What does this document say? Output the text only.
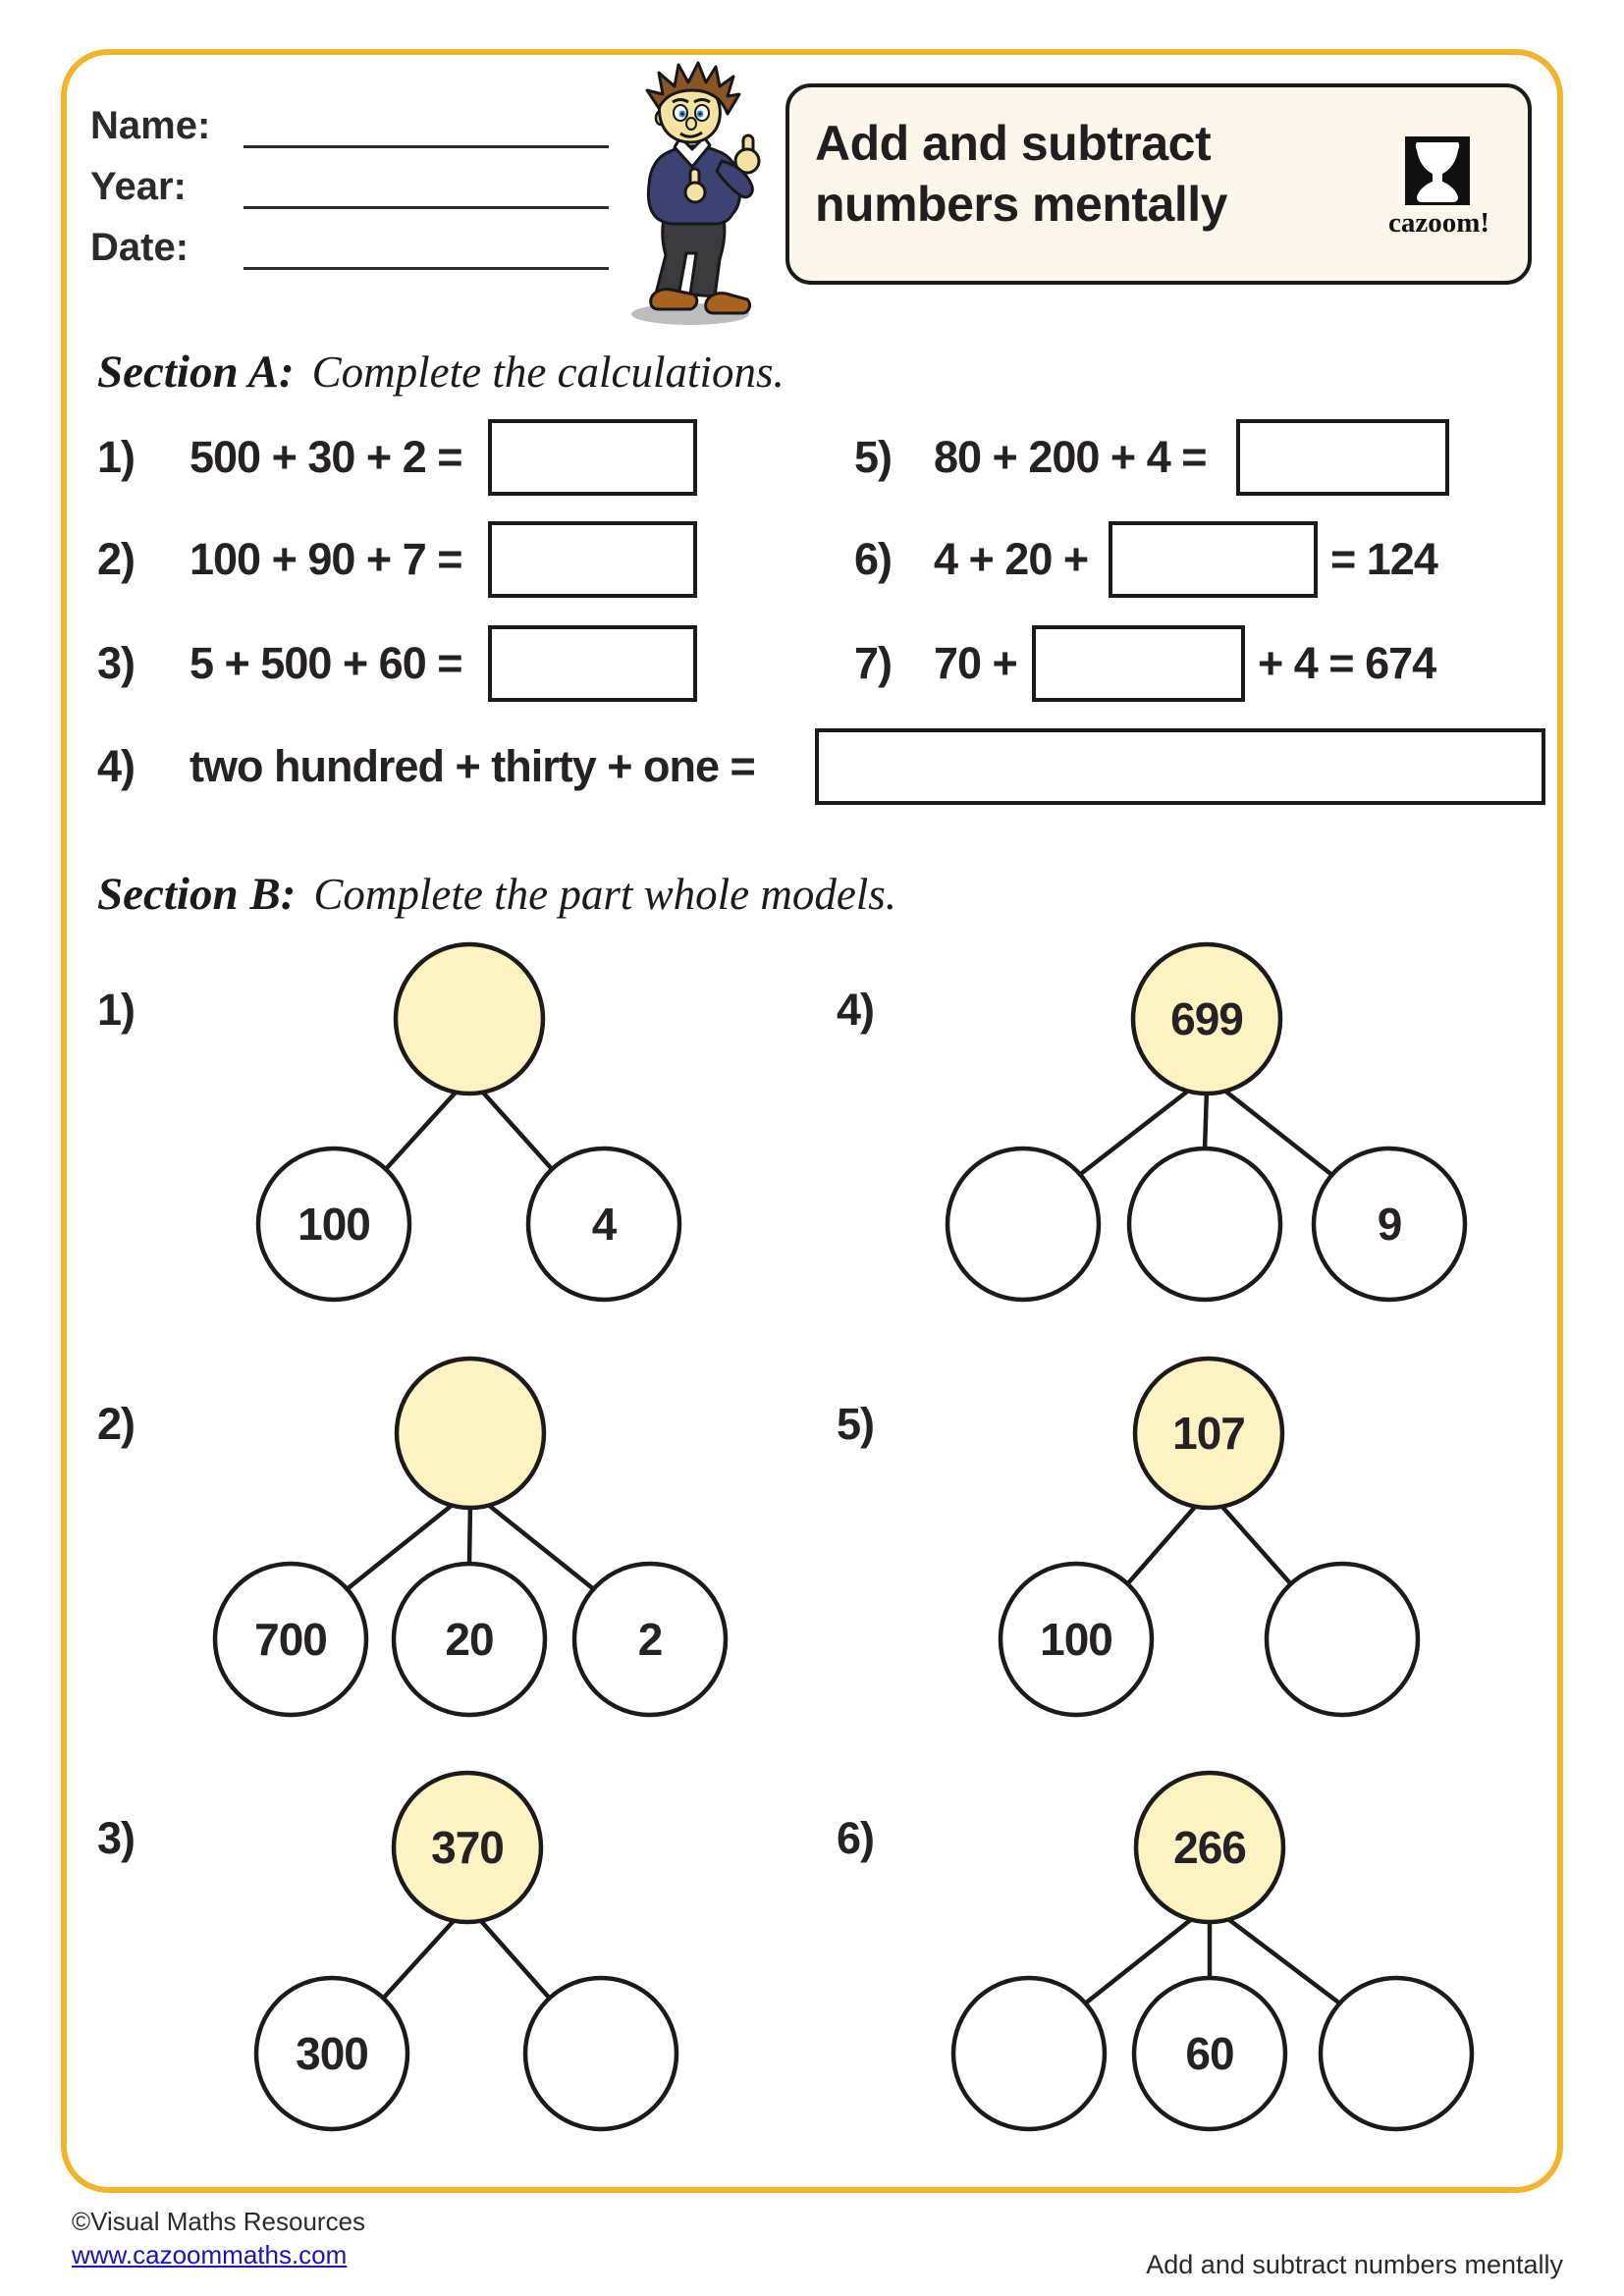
Name:
Year:
Date:
Add and subtract
numbers mentally	cazoom!
Section A: Complete the calculations.
1) 500 + 30 + 2 =
2) 100 + 90 + 7 =
3) 5 + 500 + 60 =
4) two hundred + thirty + one =
5) 80 + 200 + 4 =
6) 4 + 20 +	= 124
7) 70 +	+ 4 = 674
Section B: Complete the part whole models.
1)	4)
2)	5)
3)	6)
100	4
699
9
700	20	2
107
100
370
300
266
60
©Visual Maths Resources
www.cazoommaths.com	Add and subtract numbers mentally
